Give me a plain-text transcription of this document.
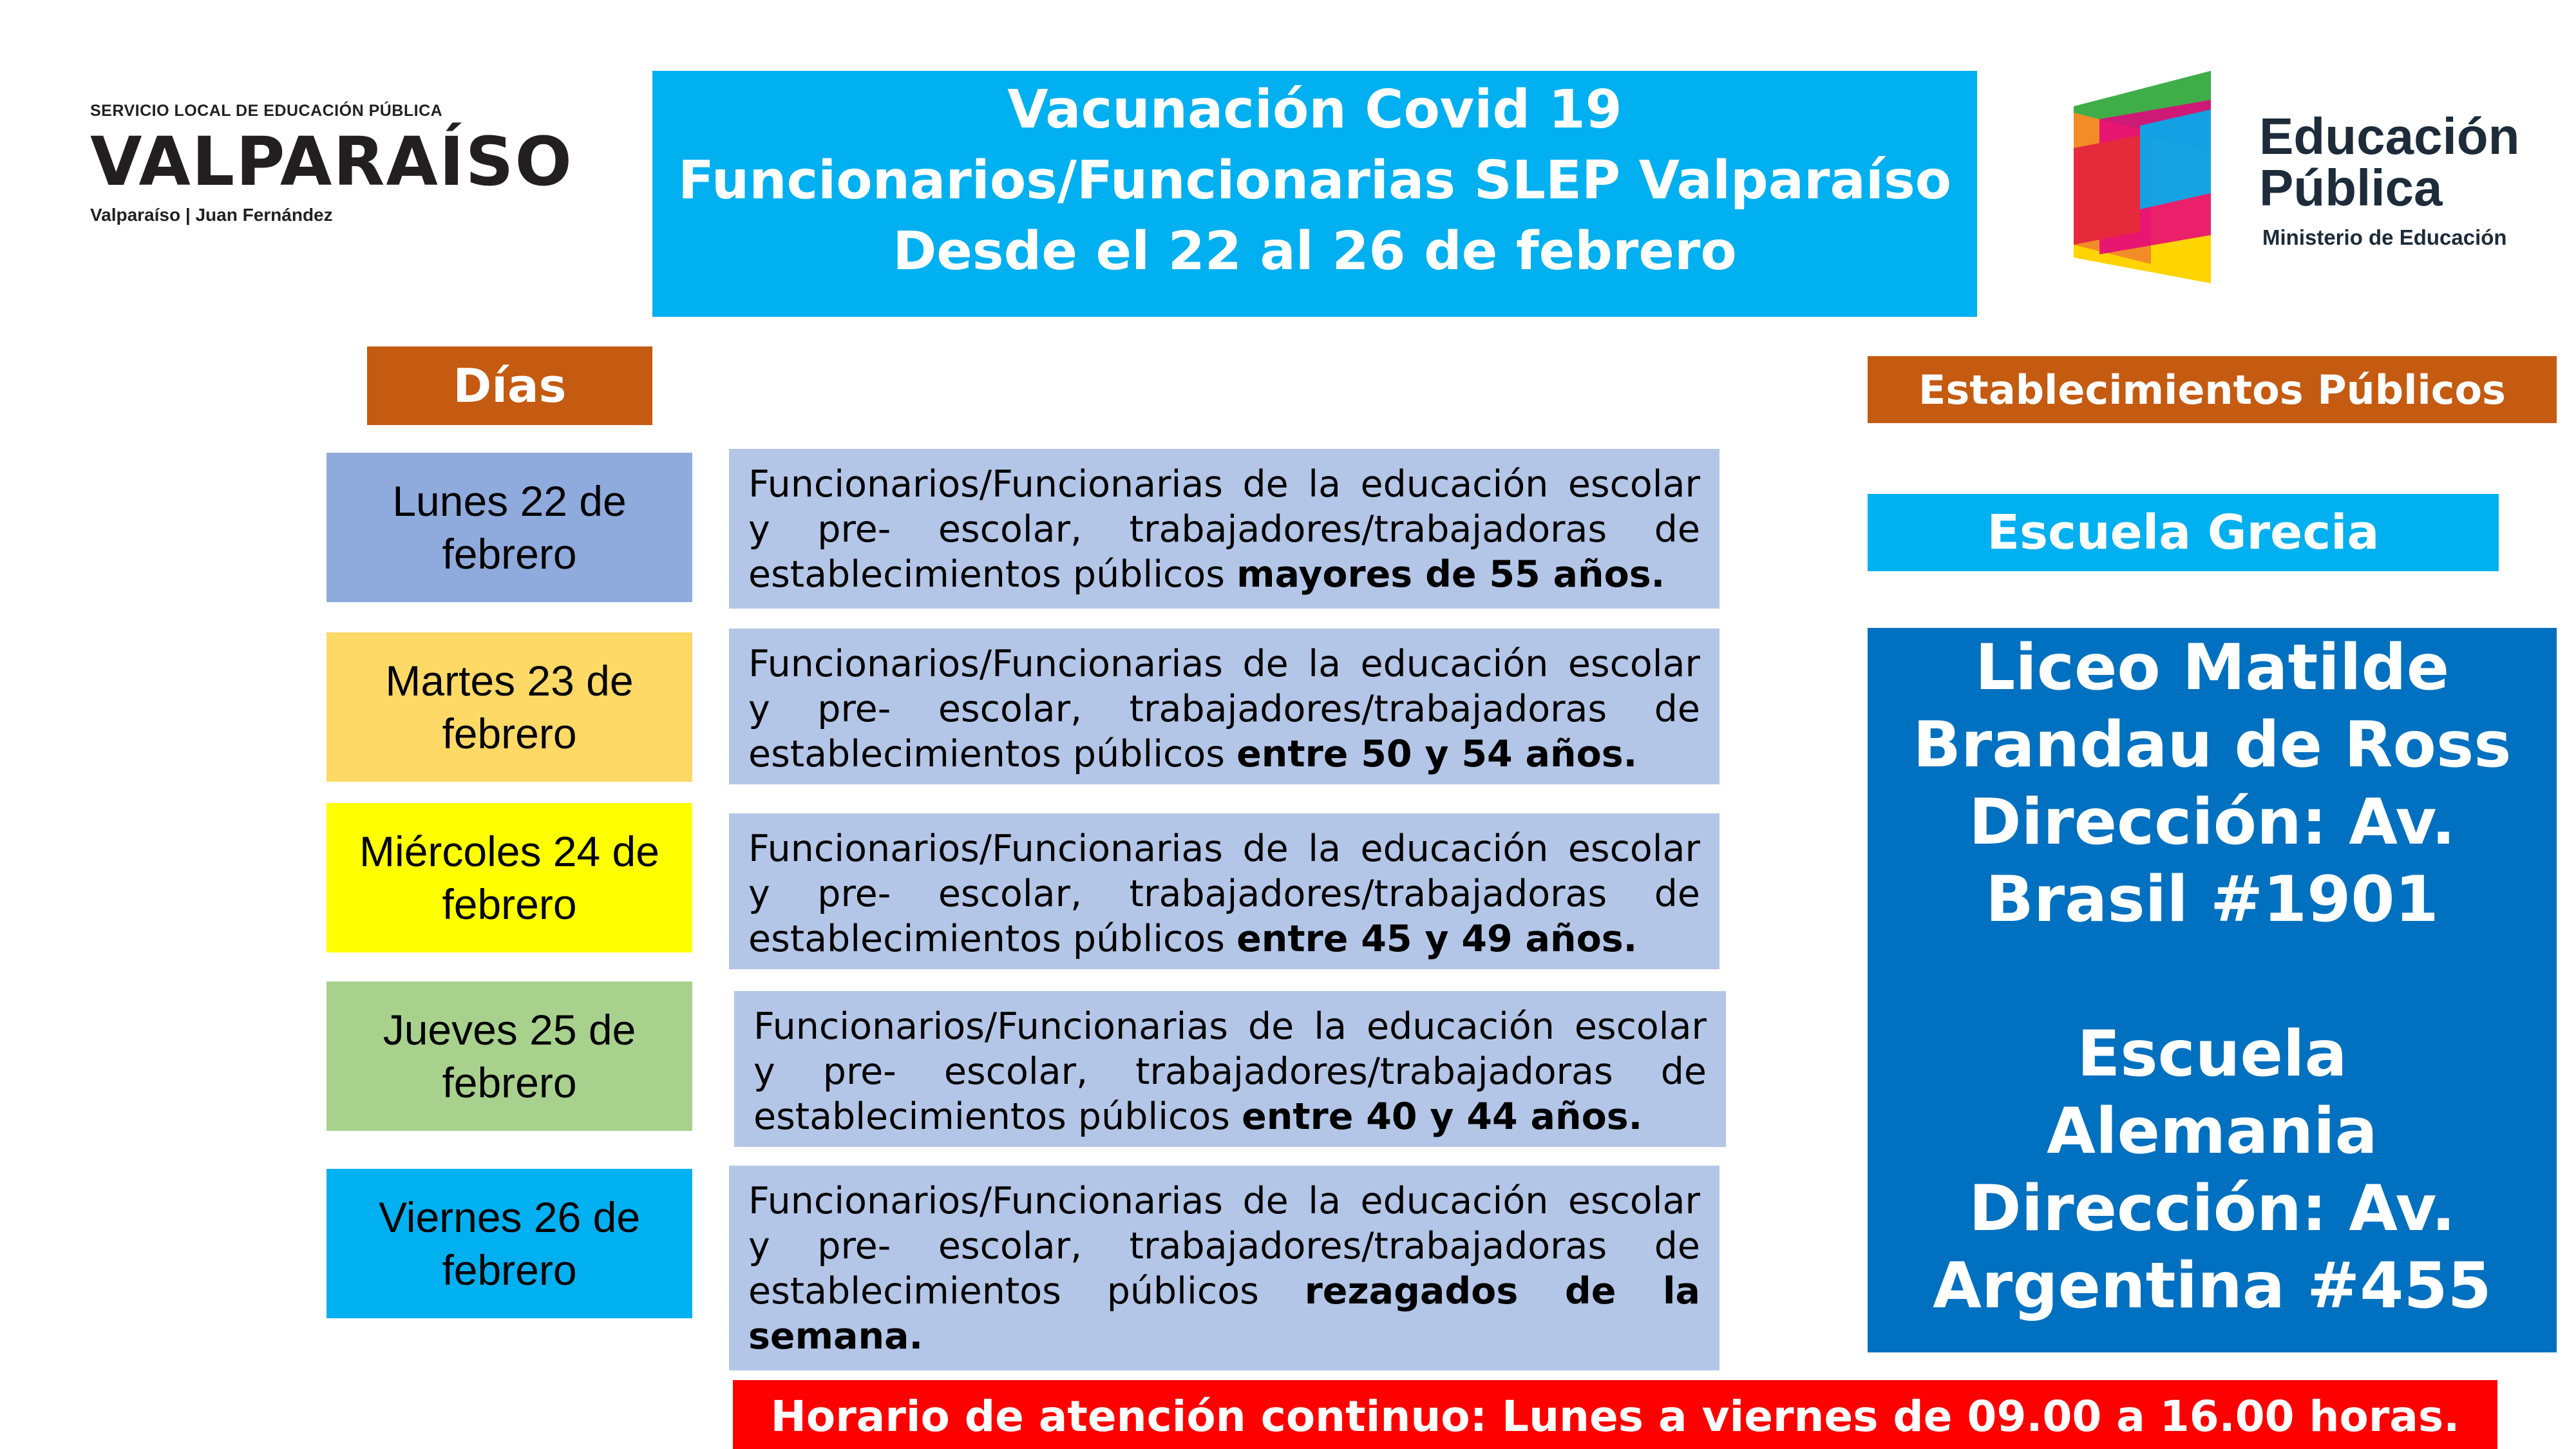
SERVICIO LOCAL DE EDUCACIÓN PÚBLICA
VALPARAÍSO
Valparaíso | Juan Fernández
Vacunación Covid 19
Funcionarios/Funcionarias SLEP Valparaíso
Desde el 22 al 26 de febrero
Educación
Pública
Ministerio de Educación
Días	Establecimientos Públicos
Lunes 22 de febrero
Martes 23 de febrero
Miércoles 24 de febrero
Jueves 25 de febrero
Viernes 26 de febrero
Funcionarios/Funcionarias de la educación escolar y pre- escolar, trabajadores/trabajadoras de establecimientos públicos mayores de 55 años.
Funcionarios/Funcionarias de la educación escolar y pre- escolar, trabajadores/trabajadoras de establecimientos públicos entre 50 y 54 años.
Funcionarios/Funcionarias de la educación escolar y pre- escolar, trabajadores/trabajadoras de establecimientos públicos entre 45 y 49 años.
Funcionarios/Funcionarias de la educación escolar y pre- escolar, trabajadores/trabajadoras de establecimientos públicos entre 40 y 44 años.
Funcionarios/Funcionarias de la educación escolar y pre- escolar, trabajadores/trabajadoras de establecimientos públicos rezagados de la semana.
Escuela Grecia
Liceo Matilde
Brandau de Ross
Dirección: Av.
Brasil #1901
Escuela
Alemania
Dirección: Av.
Argentina #455
Horario de atención continuo: Lunes a viernes de 09.00 a 16.00 horas.
